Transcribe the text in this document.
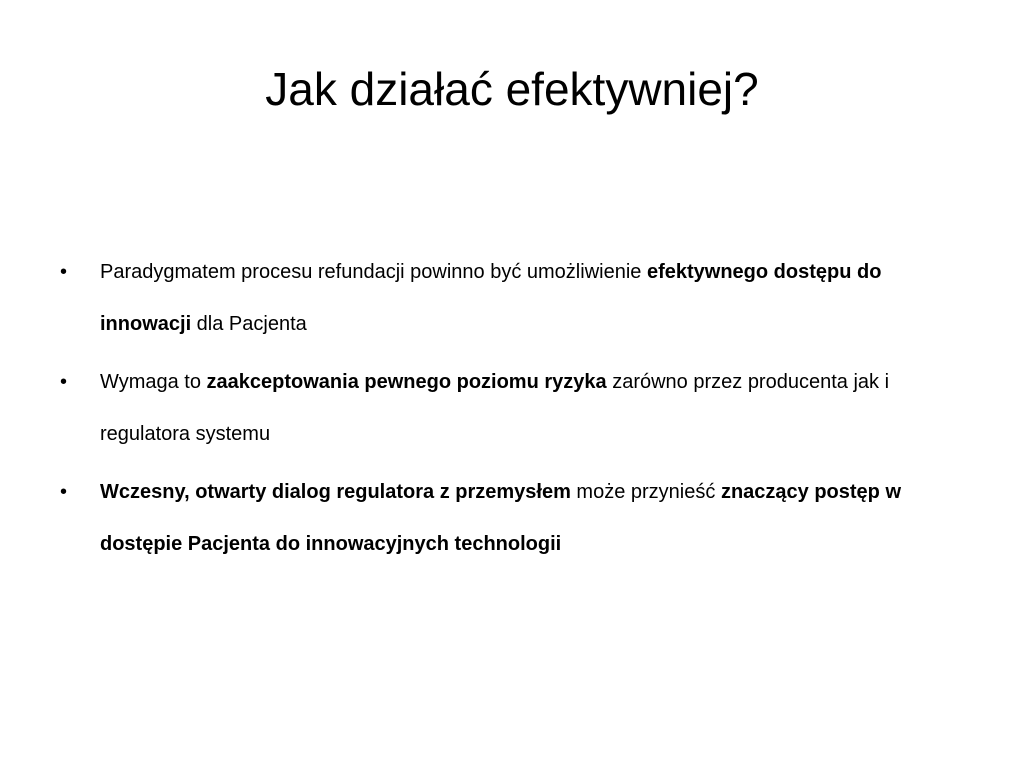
Jak działać efektywniej?
• Paradygmatem procesu refundacji powinno być umożliwienie efektywnego dostępu do innowacji dla Pacjenta
• Wymaga to zaakceptowania pewnego poziomu ryzyka zarówno przez producenta jak i regulatora systemu
• Wczesny, otwarty dialog regulatora z przemysłem może przynieść znaczący postęp w dostępie Pacjenta do innowacyjnych technologii
